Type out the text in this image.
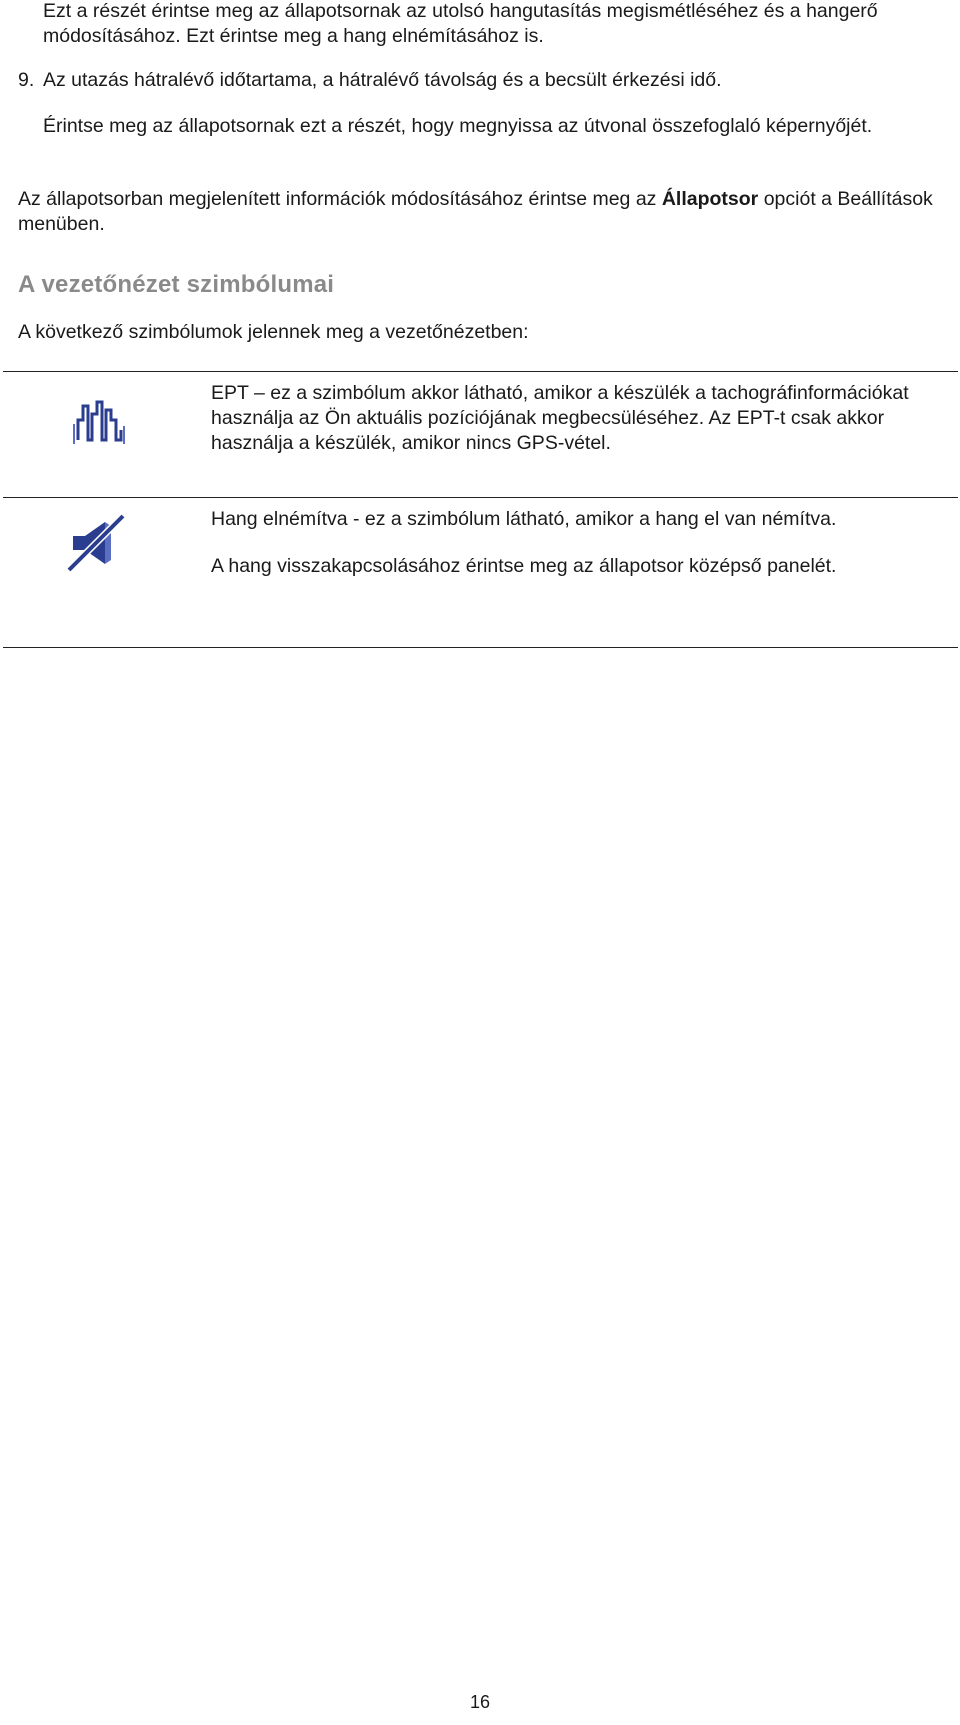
Ezt a részét érintse meg az állapotsornak az utolsó hangutasítás megismétléséhez és a hangerő módosításához. Ezt érintse meg a hang elnémításához is.

9. Az utazás hátralévő időtartama, a hátralévő távolság és a becsült érkezési idő.

Érintse meg az állapotsornak ezt a részét, hogy megnyissa az útvonal összefoglaló képernyőjét.

Az állapotsorban megjelenített információk módosításához érintse meg az Állapotsor opciót a Beállítások menüben.

A vezetőnézet szimbólumai

A következő szimbólumok jelennek meg a vezetőnézetben:

EPT – ez a szimbólum akkor látható, amikor a készülék a tachográfinformációkat használja az Ön aktuális pozíciójának megbecsüléséhez. Az EPT-t csak akkor használja a készülék, amikor nincs GPS-vétel.

Hang elnémítva - ez a szimbólum látható, amikor a hang el van némítva.

A hang visszakapcsolásához érintse meg az állapotsor középső panelét.

16
